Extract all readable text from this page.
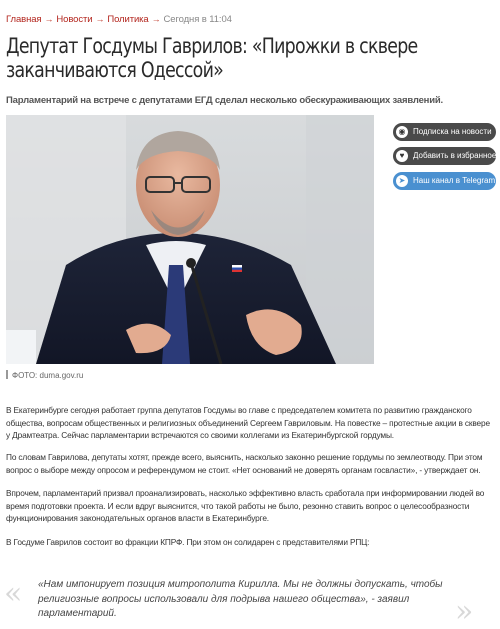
Главная → Новости → Политика → Сегодня в 11:04
Депутат Госдумы Гаврилов: «Пирожки в сквере заканчиваются Одессой»

Парламентарий на встрече с депутатами ЕГД сделал несколько обескураживающих заявлений.

ФОТО: duma.gov.ru
◉ Подписка на новости
♥	Добавить в избранное
➤ Наш канал в Telegram

В Екатеринбурге сегодня работает группа депутатов Госдумы во главе с председателем комитета по развитию гражданского общества, вопросам общественных и религиозных объединений Сергеем Гавриловым. На повестке – протестные акции в сквере у Драмтеатра. Сейчас парламентарии встречаются со своими коллегами из Екатеринбургской гордумы.

По словам Гаврилова, депутаты хотят, прежде всего, выяснить, насколько законно решение гордумы по землеотводу. При этом вопрос о выборе между опросом и референдумом не стоит. «Нет оснований не доверять органам госвласти», - утверждает он.

Впрочем, парламентарий призвал проанализировать, насколько эффективно власть сработала при информировании людей во время подготовки проекта. И если вдруг выяснится, что такой работы не было, резонно ставить вопрос о целесообразности функционирования законодательных органов власти в Екатеринбурге.

В Госдуме Гаврилов состоит во фракции КПРФ. При этом он солидарен с представителями РПЦ:

« «Нам импонирует позиция митрополита Кирилла. Мы не должны допускать, чтобы религиозные вопросы использовали для подрыва нашего общества», - заявил парламентарий.	»
